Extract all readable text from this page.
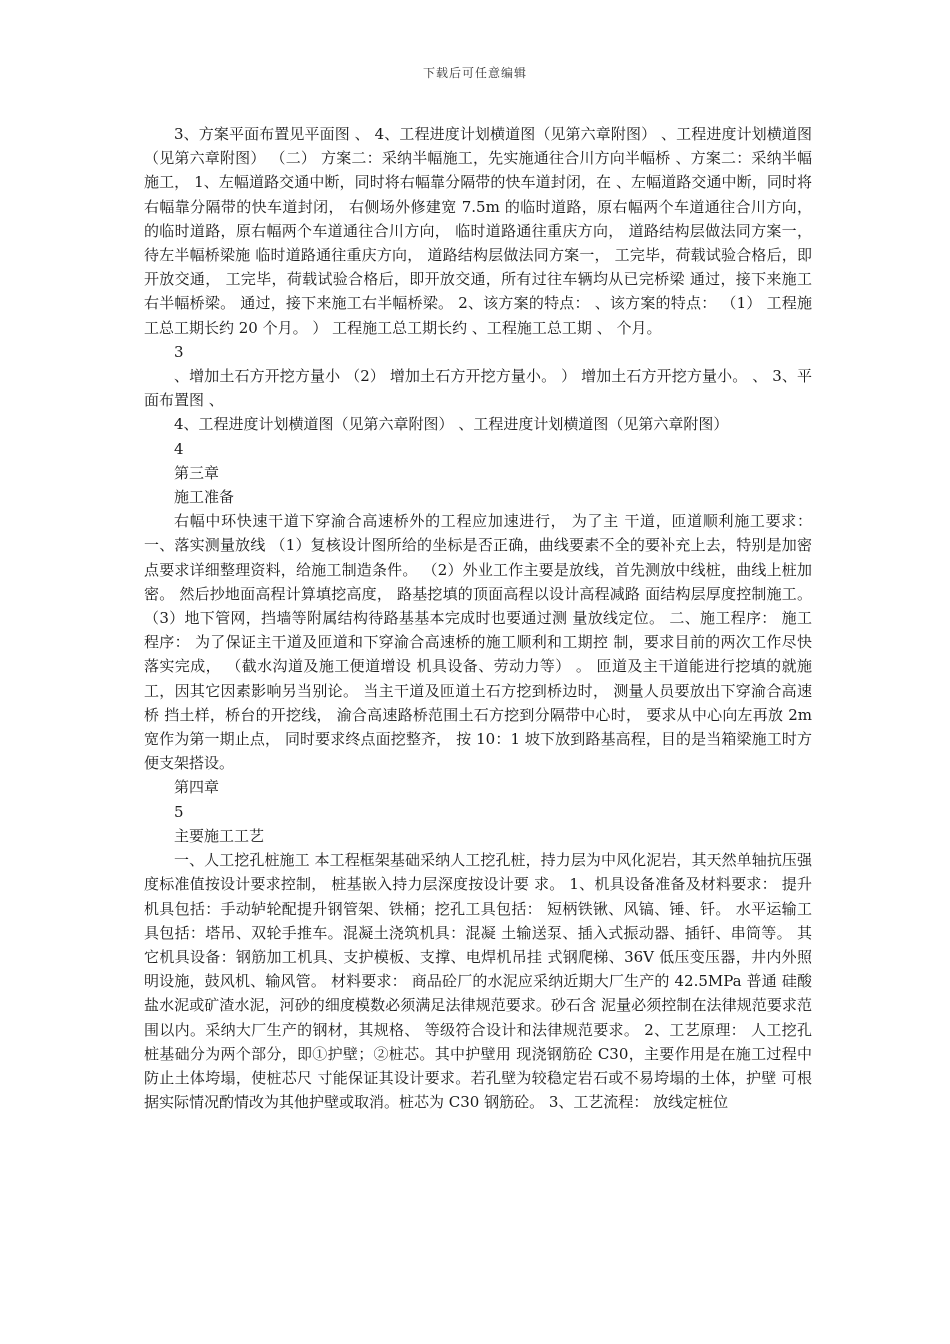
下载后可任意编辑

3、方案平面布置见平面图 、 4、工程进度计划横道图（见第六章附图） 、工程进度计划横道图（见第六章附图） （二） 方案二：采纳半幅施工，先实施通往合川方向半幅桥 、方案二：采纳半幅施工， 1、左幅道路交通中断，同时将右幅靠分隔带的快车道封闭，在 、左幅道路交通中断，同时将右幅靠分隔带的快车道封闭， 右侧场外修建宽 7.5m 的临时道路，原右幅两个车道通往合川方向， 的临时道路，原右幅两个车道通往合川方向， 临时道路通往重庆方向， 道路结构层做法同方案一， 待左半幅桥梁施 临时道路通往重庆方向， 道路结构层做法同方案一， 工完毕，荷载试验合格后，即开放交通， 工完毕，荷载试验合格后，即开放交通，所有过往车辆均从已完桥梁 通过，接下来施工右半幅桥梁。 通过，接下来施工右半幅桥梁。 2、该方案的特点： 、该方案的特点： （1） 工程施工总工期长约 20 个月。 ） 工程施工总工期长约 、工程施工总工期 、 个月。

3

、增加土石方开挖方量小 （2） 增加土石方开挖方量小。 ） 增加土石方开挖方量小。 、 3、平面布置图 、

4、工程进度计划横道图（见第六章附图） 、工程进度计划横道图（见第六章附图）

4

第三章

施工准备

右幅中环快速干道下穿渝合高速桥外的工程应加速进行， 为了主 干道，匝道顺利施工要求： 一、落实测量放线 （1）复核设计图所给的坐标是否正确，曲线要素不全的要补充上去，特别是加密点要求详细整理资料，给施工制造条件。 （2）外业工作主要是放线，首先测放中线桩，曲线上桩加密。 然后抄地面高程计算填挖高度， 路基挖填的顶面高程以设计高程减路 面结构层厚度控制施工。 （3）地下管网，挡墙等附属结构待路基基本完成时也要通过测 量放线定位。 二、施工程序： 施工程序： 为了保证主干道及匝道和下穿渝合高速桥的施工顺利和工期控 制，要求目前的两次工作尽快落实完成， （截水沟道及施工便道增设 机具设备、劳动力等） 。 匝道及主干道能进行挖填的就施工，因其它因素影响另当别论。 当主干道及匝道土石方挖到桥边时， 测量人员要放出下穿渝合高速桥 挡土样，桥台的开挖线， 渝合高速路桥范围土石方挖到分隔带中心时， 要求从中心向左再放 2m 宽作为第一期止点， 同时要求终点面挖整齐， 按 10：1 坡下放到路基高程，目的是当箱梁施工时方便支架搭设。

第四章

5

主要施工工艺

一、人工挖孔桩施工 本工程框架基础采纳人工挖孔桩，持力层为中风化泥岩，其天然单轴抗压强度标准值按设计要求控制， 桩基嵌入持力层深度按设计要 求。 1、机具设备准备及材料要求： 提升机具包括：手动轳轮配提升钢管架、铁桶；挖孔工具包括： 短柄铁锹、风镐、锤、钎。 水平运输工具包括：塔吊、双轮手推车。混凝土浇筑机具：混凝 土输送泵、插入式振动器、插钎、串筒等。 其它机具设备：钢筋加工机具、支护模板、支撑、电焊机吊挂 式钢爬梯、36V 低压变压器，井内外照明设施，鼓风机、输风管。 材料要求： 商品砼厂的水泥应采纳近期大厂生产的 42.5MPa 普通 硅酸盐水泥或矿渣水泥，河砂的细度模数必须满足法律规范要求。砂石含 泥量必须控制在法律规范要求范围以内。采纳大厂生产的钢材，其规格、 等级符合设计和法律规范要求。 2、工艺原理： 人工挖孔桩基础分为两个部分，即①护壁；②桩芯。其中护壁用 现浇钢筋砼 C30，主要作用是在施工过程中防止土体垮塌，使桩芯尺 寸能保证其设计要求。若孔壁为较稳定岩石或不易垮塌的土体，护壁 可根据实际情况酌情改为其他护壁或取消。桩芯为 C30 钢筋砼。 3、工艺流程： 放线定桩位
